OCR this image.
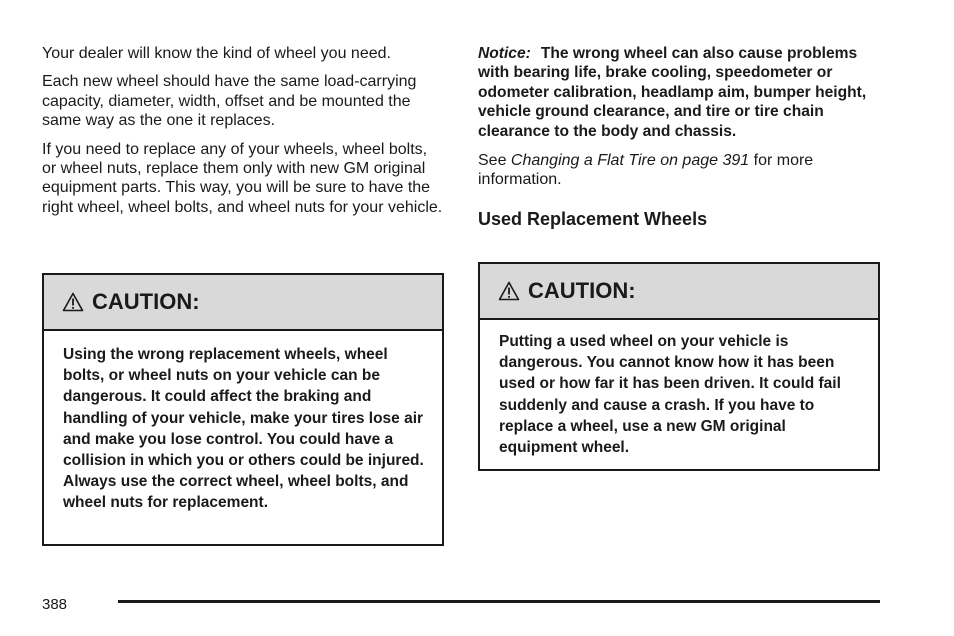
Your dealer will know the kind of wheel you need.

Each new wheel should have the same load-carrying capacity, diameter, width, offset and be mounted the same way as the one it replaces.

If you need to replace any of your wheels, wheel bolts, or wheel nuts, replace them only with new GM original equipment parts. This way, you will be sure to have the right wheel, wheel bolts, and wheel nuts for your vehicle.

CAUTION:

Using the wrong replacement wheels, wheel bolts, or wheel nuts on your vehicle can be dangerous. It could affect the braking and handling of your vehicle, make your tires lose air and make you lose control. You could have a collision in which you or others could be injured. Always use the correct wheel, wheel bolts, and wheel nuts for replacement.

Notice: The wrong wheel can also cause problems with bearing life, brake cooling, speedometer or odometer calibration, headlamp aim, bumper height, vehicle ground clearance, and tire or tire chain clearance to the body and chassis.

See Changing a Flat Tire on page 391 for more information.

Used Replacement Wheels
CAUTION:

Putting a used wheel on your vehicle is dangerous. You cannot know how it has been used or how far it has been driven. It could fail suddenly and cause a crash. If you have to replace a wheel, use a new GM original equipment wheel.

388
